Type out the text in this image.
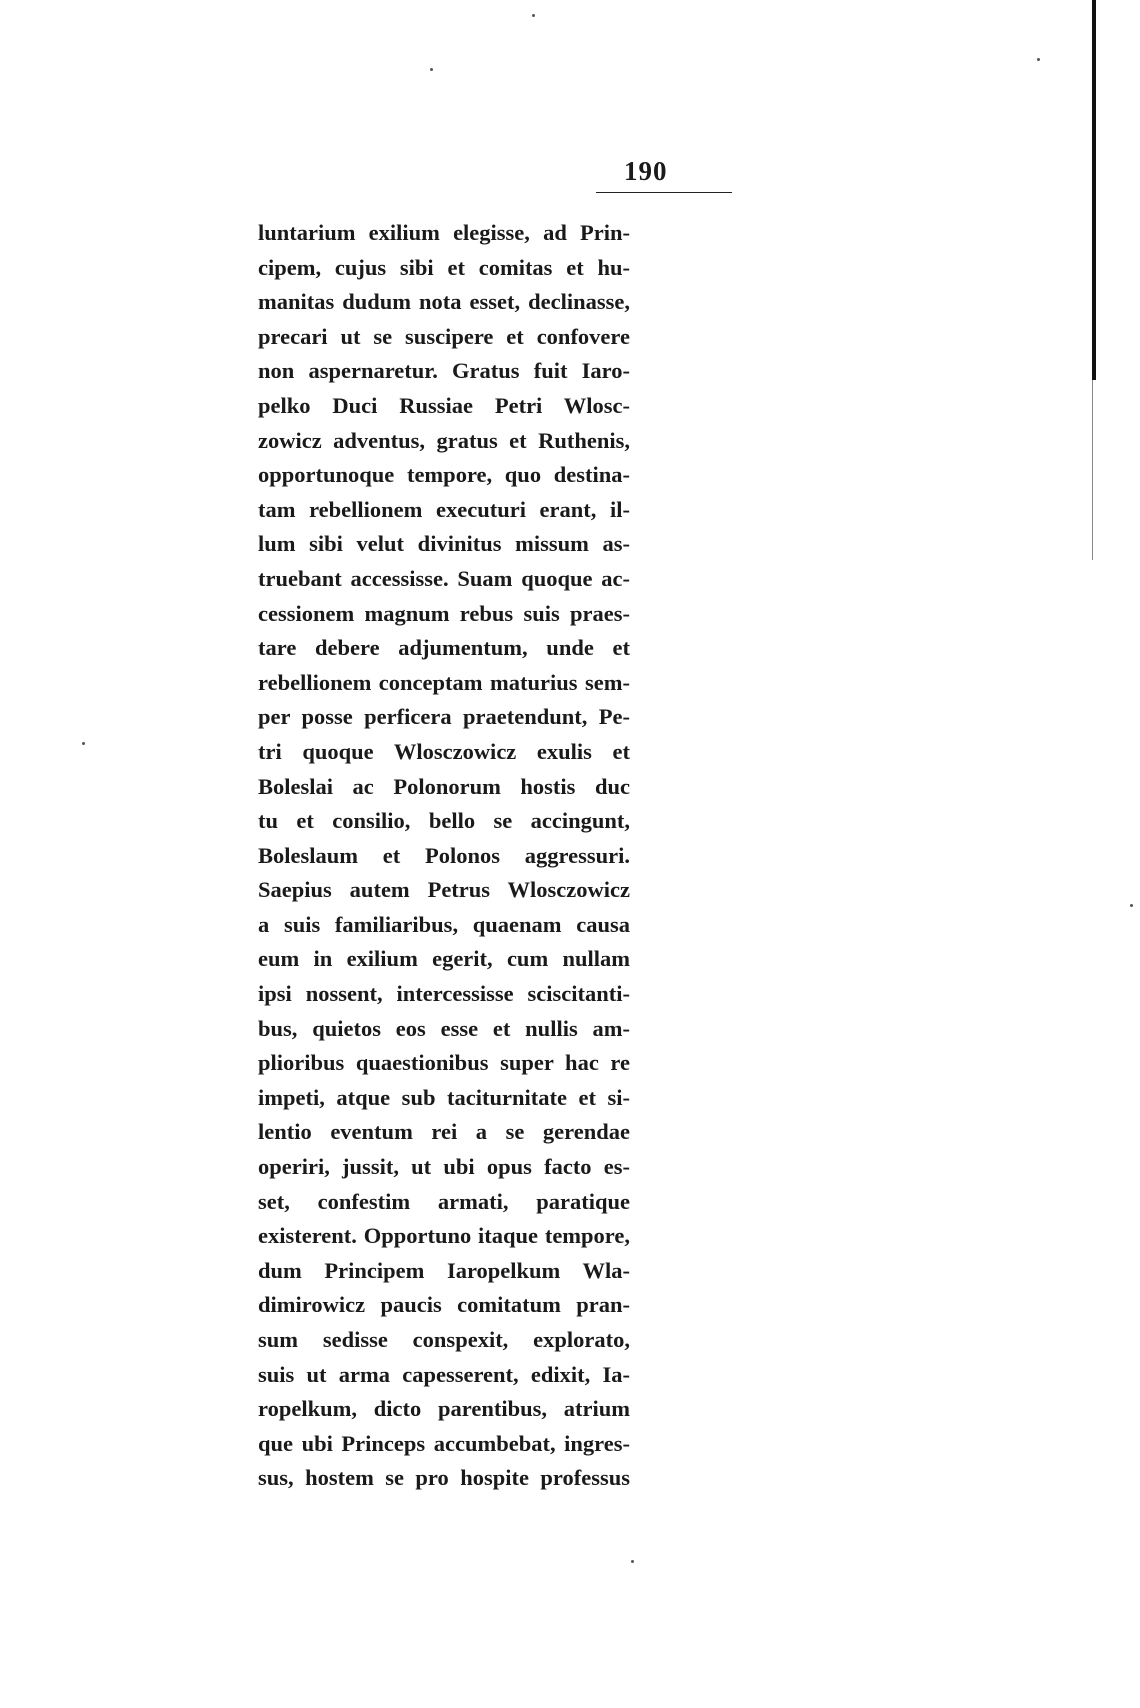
190
luntarium exilium elegisse, ad Prin-
cipem, cujus sibi et comitas et hu-
manitas dudum nota esset, declinasse,
precari ut se suscipere et confovere
non aspernaretur. Gratus fuit Iaro-
pelko Duci Russiae Petri Wlosc-
zowicz adventus, gratus et Ruthenis,
opportunoque tempore, quo destina-
tam rebellionem executuri erant, il-
lum sibi velut divinitus missum as-
truebant accessisse. Suam quoque ac-
cessionem magnum rebus suis praes-
tare debere adjumentum, unde et
rebellionem conceptam maturius sem-
per posse perficera praetendunt, Pe-
tri quoque Wlosczowicz exulis et
Boleslai ac Polonorum hostis duc
tu et consilio, bello se accingunt,
Boleslaum et Polonos aggressuri.
Saepius autem Petrus Wlosczowicz
a suis familiaribus, quaenam causa
eum in exilium egerit, cum nullam
ipsi nossent, intercessisse sciscitanti-
bus, quietos eos esse et nullis am-
plioribus quaestionibus super hac re
impeti, atque sub taciturnitate et si-
lentio eventum rei a se gerendae
operiri, jussit, ut ubi opus facto es-
set, confestim armati, paratique
existerent. Opportuno itaque tempore,
dum Principem Iaropelkum Wla-
dimirowicz paucis comitatum pran-
sum sedisse conspexit, explorato,
suis ut arma capesserent, edixit, Ia-
ropelkum, dicto parentibus, atrium
que ubi Princeps accumbebat, ingres-
sus, hostem se pro hospite professus
